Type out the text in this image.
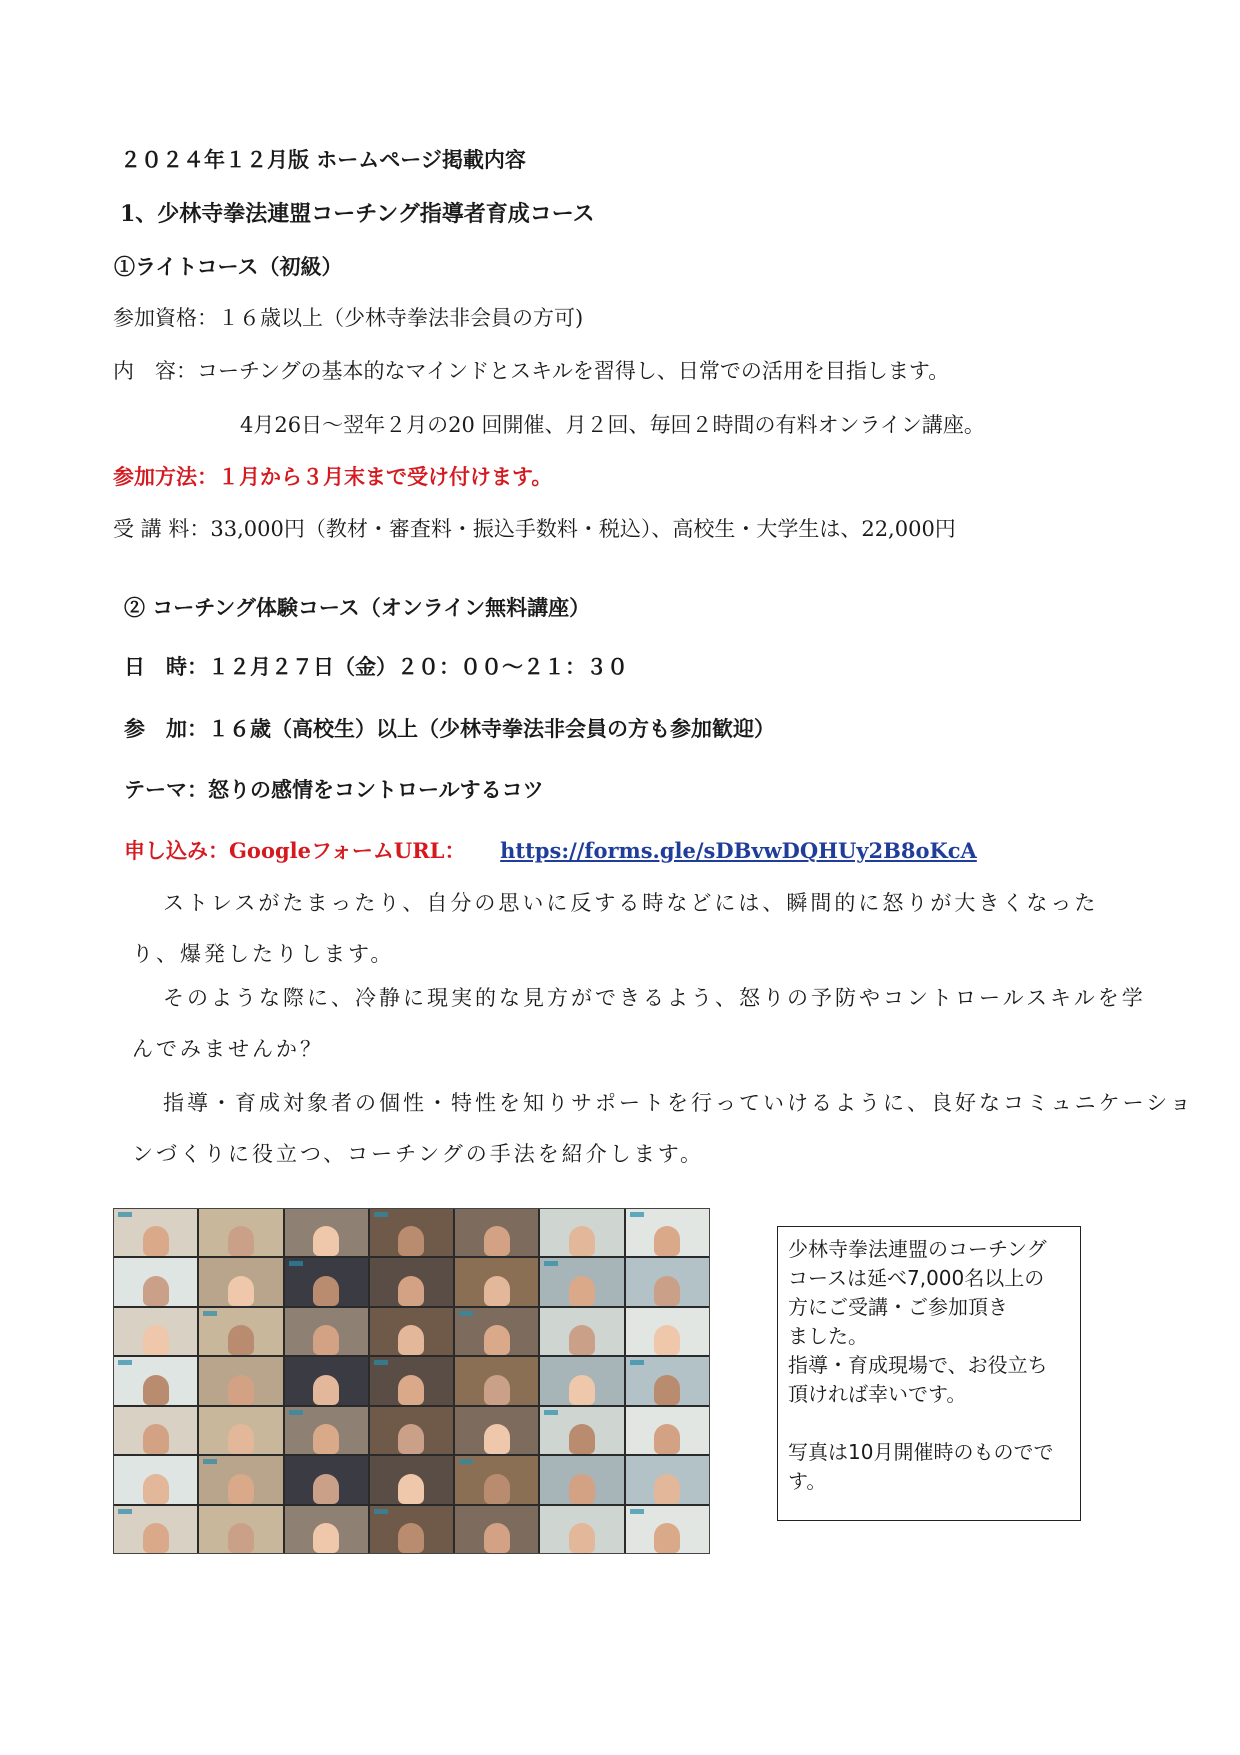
２０２４年１２月版 ホームページ掲載内容
1、少林寺拳法連盟コーチング指導者育成コース
①ライトコース（初級）
参加資格：１６歳以上（少林寺拳法非会員の方可)
内　容：コーチングの基本的なマインドとスキルを習得し、日常での活用を目指します。
4月26日〜翌年２月の20 回開催、月２回、毎回２時間の有料オンライン講座。
参加方法：１月から３月末まで受け付けます。
受 講 料：33,000円（教材・審査料・振込手数料・税込）、高校生・大学生は、22,000円
② コーチング体験コース（オンライン無料講座）
日　時：１２月２７日（金）２０：００〜２１：３０
参　加：１６歳（高校生）以上（少林寺拳法非会員の方も参加歓迎）
テーマ：怒りの感情をコントロールするコツ
申し込み：GoogleフォームURL： https://forms.gle/sDBvwDQHUy2B8oKcA
ストレスがたまったり、自分の思いに反する時などには、瞬間的に怒りが大きくなった
り、爆発したりします。
そのような際に、冷静に現実的な見方ができるよう、怒りの予防やコントロールスキルを学
んでみませんか？
指導・育成対象者の個性・特性を知りサポートを行っていけるように、良好なコミュニケーショ
ンづくりに役立つ、コーチングの手法を紹介します。
少林寺拳法連盟のコーチング
コースは延べ7,000名以上の
方にご受講・ご参加頂き
ました。
指導・育成現場で、お役立ち
頂ければ幸いです。
写真は10月開催時のものでで
す。
